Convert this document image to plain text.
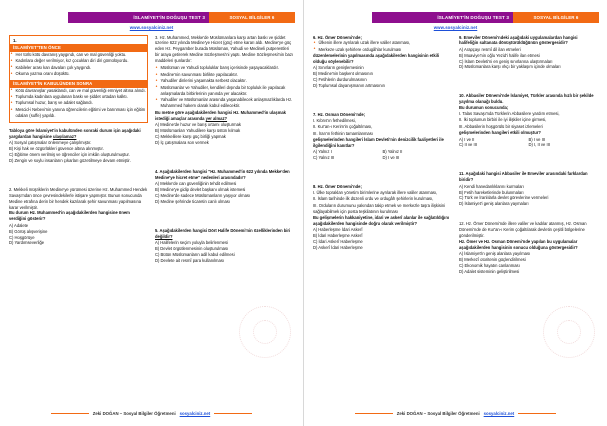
İSLAMİYET'İN DOĞUŞU TEST 3	SOSYAL BİLGİLER 6
www.sosyalciniz.net
1.
İSLAMİYET'TEN ÖNCE
• Her türlü kötü davranış yaygındı, can ve mal güvenliği yoktu.
• Kadınlara değer verilmiyor, kız çocukları diri diri gömülüyordu.
• Kabileler arası kan davaları çok yaygındı.
• Okuma yazma oranı düşüktü.
İSLAMİYET'İN KABULÜNDEN SONRA
• Kötü davranışlar yasaklandı, can ve mal güvenliği emniyet altına alındı.
• Toplumda kadınlara uygulanan baskı ve şiddet ortadan kalktı.
• Toplumsal huzur, barış ve adalet sağlandı.
• Mescid-i Nebevi'nin yanına öğrencilerin eğitimi ve barınması için eğitim odaları (suffe) yapıldı.
Tabloya göre İslamiyet'in kabulünden sonraki durum için aşağıdaki yargılardan hangisine ulaşılamaz?
A) Sosyal çatışmalar önlenmeye çalışılmıştır.
B) Kişi hak ve özgürlükleri güvence altına alınmıştır.
C) Eğitime önem verilmiş ve öğrenciler için imkân oluşturulmuştur.
D) Zengin ve soylu insanların çıkarları gözetilmeye devam etmiştir.
2. Mekkeli müşriklerin Medine'ye yürümesi üzerine Hz. Muhammed Hendek Savaşı'ndan önce çevresindekilerle istişare yapmıştır. Bunun sonucunda Medine etrafına derin bir hendek kazılarak şehir savunması yapılmasına karar verilmiştir.
Bu durum Hz. Muhammed'in aşağıdakilerden hangisine önem verdiğini gösterir?
A) Adalete
B) Görüş alışverişine
C) Hoşgörüye
D) Yardımseverliğe
3. Hz. Muhammed, Mekke'de Müslümanlara karşı artan baskı ve şiddet üzerine 622 yılında Medine'ye Hicret (göç) etme kararı aldı. Medine'ye göç eden Hz. Peygamber burada Müslüman, Yahudi ve Medineli putperestleri bir araya getirerek Medine Sözleşmesi'ni yaptı. Medine Sözleşmesi'nin bazı maddeleri şunlardır:
• Müslüman ve Yahudi topluluklar barış içerisinde yaşayacaklardır.
• Medine'nin savunması birlikte yapılacaktır.
• Yahudiler dinlerini yaşamakta serbest olacaktır.
• Müslümanlar ve Yahudiler, kendileri dışında bir topluluk ile yapılacak anlaşmalarda birbirlerinin yanında yer alacaktır.
• Yahudiler ve Müslümanlar arasında yaşanabilecek anlaşmazlıklarda Hz. Muhammed hakem olarak kabul edilecektir.
Bu metne göre aşağıdakilerden hangisi Hz. Muhammed'in ulaşmak istediği amaçlar arasında yer almaz?
A) Medine'de huzur ve barış ortamı oluşturmak
B) Müslümanları Yahudilere karşı üstün kılmak
C) Mekkelilere karşı güç birliği yapmak
D) İç çatışmalara son vermek
4. Aşağıdakilerden hangisi "Hz. Muhammed'in 622 yılında Mekke'den Medine'ye hicret etme" nedenleri arasındadır?
A) Mekke'de can güvenliğinin tehdit edilmesi
B) Medine'ye gidip devlet başkanı olmak istemesi
C) Medine'de sadece Müslümanların yaşıyor olması
D) Medine şehrinde ticaretin canlı olması
5. Aşağıdakilerden hangisi Dört Halife Dönemi'nin özelliklerinden biri değildir?
A) Halifelerin seçim yoluyla belirlenmesi
B) Devlet örgütlenmesinin oluşturulması
C) Bütün Müslümanların adil kabul edilmesi
D) Devlete ait resmî para kullanılması
Zeki DOĞAN – Sosyal Bilgiler Öğretmeni sosyalciniz.net
İSLAMİYET'İN DOĞUŞU TEST 3	SOSYAL BİLGİLER 6
www.sosyalciniz.net
6. Hz. Ömer Dönemi'nde;
• Ülkenin illere ayrılarak uzak illere valiler atanması,
• Merkeze uzak şehirlere ordugâhlar kurulması
düzenlemelerinin yapılmasında aşağıdakilerden hangisinin etkili olduğu söylenebilir?
A) Sınırların genişlemesinin
B) Medine'nin başkent olmasının
C) Fetihlerin durdurulmasının
D) Toplumsal dayanışmanın artmasının
7. Hz. Osman Dönemi'nde;
I. Kıbrıs'ın fethedilmesi,
II. Kur'an-ı Kerim'in çoğaltılması,
III. İran'ın fethinin tamamlanması
gelişmelerinden hangileri İslam Devleti'nin denizcilik faaliyetleri ile ilgilendiğini kanıtlar?
A) Yalnız I	B) Yalnız II
C) Yalnız III	D) I ve III
8. Hz. Ömer Dönemi'nde;
I. Ülke toprakları yönetim birimlerine ayrılarak illere valiler atanması,
II. İslam tarihinde ilk düzenli ordu ve ordugâh şehirlerin kurulması,
III. Orduların durumunu yakından takip etmek ve merkezle taşra ilişkisini sağlayabilmek için posta teşkilatının kurulması
Bu gelişmelerin hakkaniyetine, idari ve askerî alanlar ile sağlatıldığını aşağıdakilerden hangisinde doğru olarak verilmiştir?
A) Haberleşme İdari Askerî
B) İdari Haberleşme Askerî
C) İdari Askerî Haberleşme
D) Askerî İdari Haberleşme
9. Emeviler Dönemi'ndeki aşağıdaki uygulamalardan hangisi halifeliğin saltanata dönüştürüldüğünün göstergesidir?
A) Arapçayı resmî dil ilan etmeleri
B) Muaviye'nin oğlu Yezid'i halife ilan etmesi
C) İslam Devleti'ni en geniş sınırlarına ulaştırmaları
D) Müslümanlara karşı ırkçı bir yaklaşım içinde olmaları
10. Abbasiler Dönemi'nde İslamiyet, Türkler arasında hızlı bir şekilde yayılma olanağı buldu.
Bu durumun sonucunda;
I. Talas Savaşı'nda Türklerin Abbasilere yardım etmesi,
II. İki toplumun birbiri ile iyi ilişkiler içine girmesi,
III. Abbasilerin hoşgörülü bir siyaset izlemeleri
gelişmelerinden hangileri etkili olmuştur?
A) I ve II	B) I ve III
C) II ve III	D) I, II ve III
11. Aşağıdaki hangisi Abbasiler ile Emeviler arasındaki farklardan biridir?
A) Kendi hanedanlıklarını kurmaları
B) Fetih hareketlerinde bulunmaları
C) Türk ve İranlılarla devlet görevlerine vermeleri
D) İslamiyet'i geniş alanlara yaymaları
12. Hz. Ömer Dönemi'nde illere valiler ve kadılar atanmış, Hz. Osman Dönemi'nde de Kur'an-ı Kerim çoğaltılarak devletin çeşitli bölgelerine gönderilmiştir.
Hz. Ömer ve Hz. Osman Dönemi'nde yapılan bu uygulamalar aşağıdakilerden hangisinin sonucu olduğuna göstergesidir?
A) İslamiyet'in geniş alanlara yayılması
B) Merkezî otoritenin güçlendirilmesi
C) Ekonomik hayatın canlanması
D) Adalet sisteminin geliştirilmesi
Zeki DOĞAN – Sosyal Bilgiler Öğretmeni sosyalciniz.net
